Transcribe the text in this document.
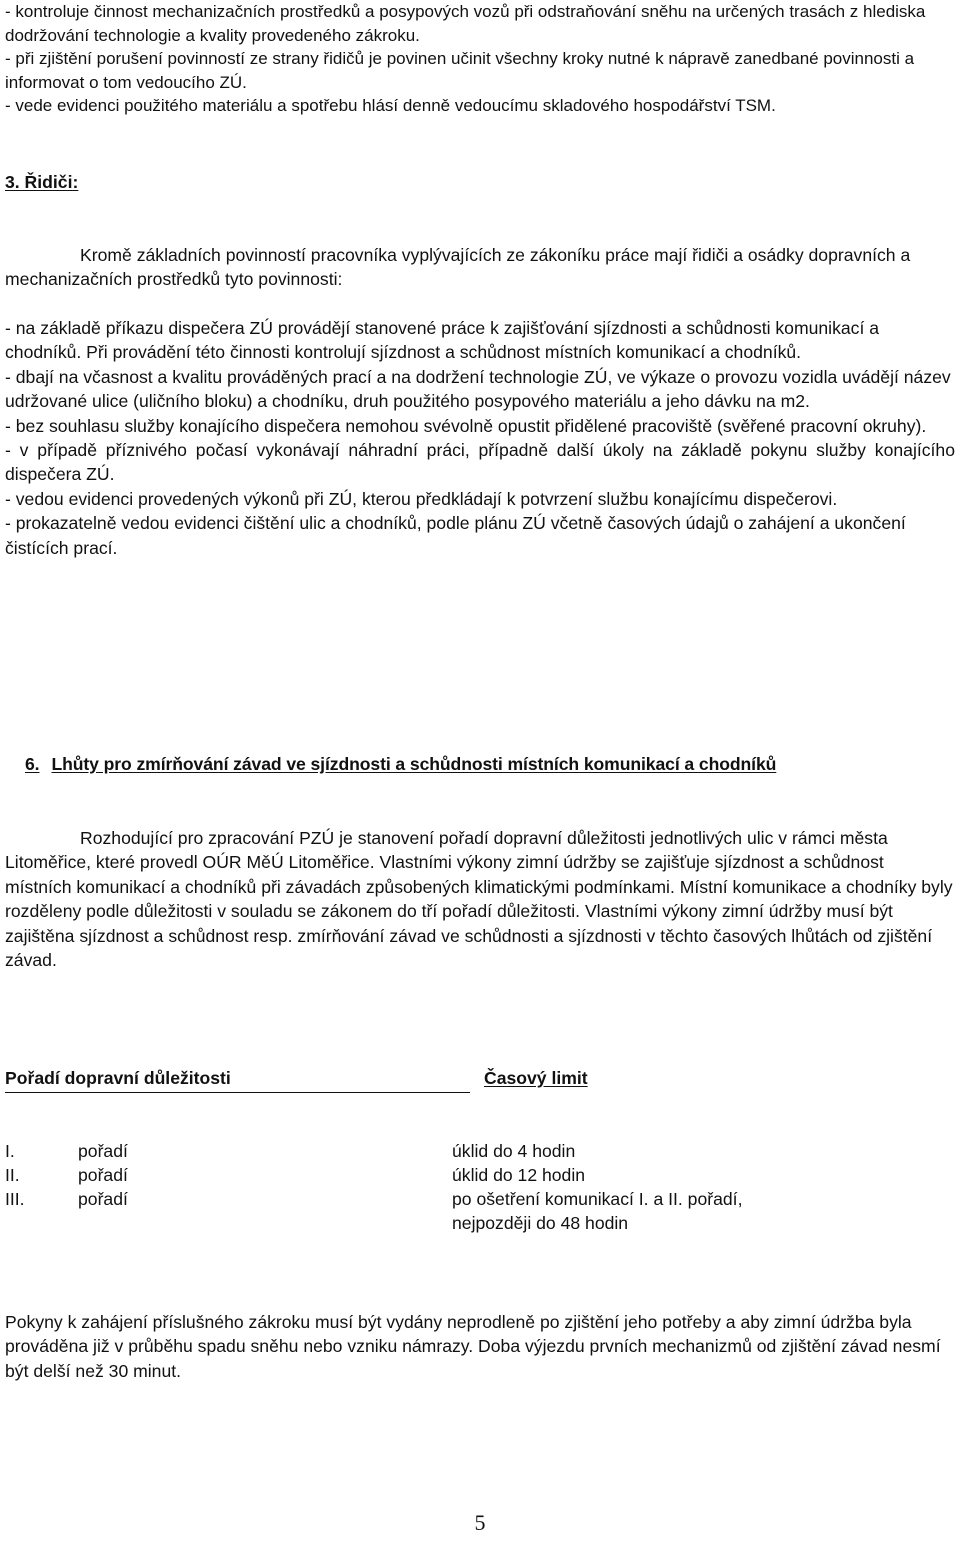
- kontroluje činnost mechanizačních prostředků a posypových vozů při odstraňování sněhu na určených trasách z hlediska dodržování technologie a kvality provedeného zákroku.

- při zjištění porušení povinností ze strany řidičů je povinen učinit všechny kroky nutné k nápravě zanedbané povinnosti a informovat o tom vedoucího ZÚ.

- vede evidenci použitého materiálu a spotřebu hlásí denně vedoucímu skladového hospodářství TSM.

3. Řidiči:
Kromě základních povinností pracovníka vyplývajících ze zákoníku práce mají řidiči a osádky dopravních a mechanizačních prostředků tyto povinnosti:

- na základě příkazu dispečera ZÚ provádějí stanovené práce k zajišťování sjízdnosti a schůdnosti komunikací a chodníků. Při provádění této činnosti kontrolují sjízdnost a schůdnost místních komunikací a chodníků.

- dbají na včasnost a kvalitu prováděných prací a na dodržení technologie ZÚ, ve výkaze o provozu vozidla uvádějí název udržované ulice (uličního bloku) a chodníku, druh použitého posypového materiálu a jeho dávku na m2.

- bez souhlasu služby konajícího dispečera nemohou svévolně opustit přidělené pracoviště (svěřené pracovní okruhy).

- v případě příznivého počasí vykonávají náhradní práci, případně další úkoly na základě pokynu služby konajícího dispečera ZÚ.

- vedou evidenci provedených výkonů při ZÚ, kterou předkládají k potvrzení službu konajícímu dispečerovi.

- prokazatelně vedou evidenci čištění ulic a chodníků, podle plánu ZÚ včetně časových údajů o zahájení a ukončení čistících prací.

6. Lhůty pro zmírňování závad ve sjízdnosti a schůdnosti místních komunikací a chodníků
Rozhodující pro zpracování PZÚ je stanovení pořadí dopravní důležitosti jednotlivých ulic v rámci města Litoměřice, které provedl OÚR MěÚ Litoměřice. Vlastními výkony zimní údržby se zajišťuje sjízdnost a schůdnost místních komunikací a chodníků při závadách způsobených klimatickými podmínkami. Místní komunikace a chodníky byly rozděleny podle důležitosti v souladu se zákonem do tří pořadí důležitosti. Vlastními výkony zimní údržby musí být zajištěna sjízdnost a schůdnost resp. zmírňování závad ve schůdnosti a sjízdnosti v těchto časových lhůtách od zjištění závad.
Pořadí dopravní důležitosti	Časový limit
I.	pořadí	úklid do 4 hodin
II.	pořadí	úklid do 12 hodin
III.	pořadí	po ošetření komunikací I. a II. pořadí,
nejpozději do 48 hodin
Pokyny k zahájení příslušného zákroku musí být vydány neprodleně po zjištění jeho potřeby a aby zimní údržba byla prováděna již v průběhu spadu sněhu nebo vzniku námrazy. Doba výjezdu prvních mechanizmů od zjištění závad nesmí být delší než 30 minut.
5
